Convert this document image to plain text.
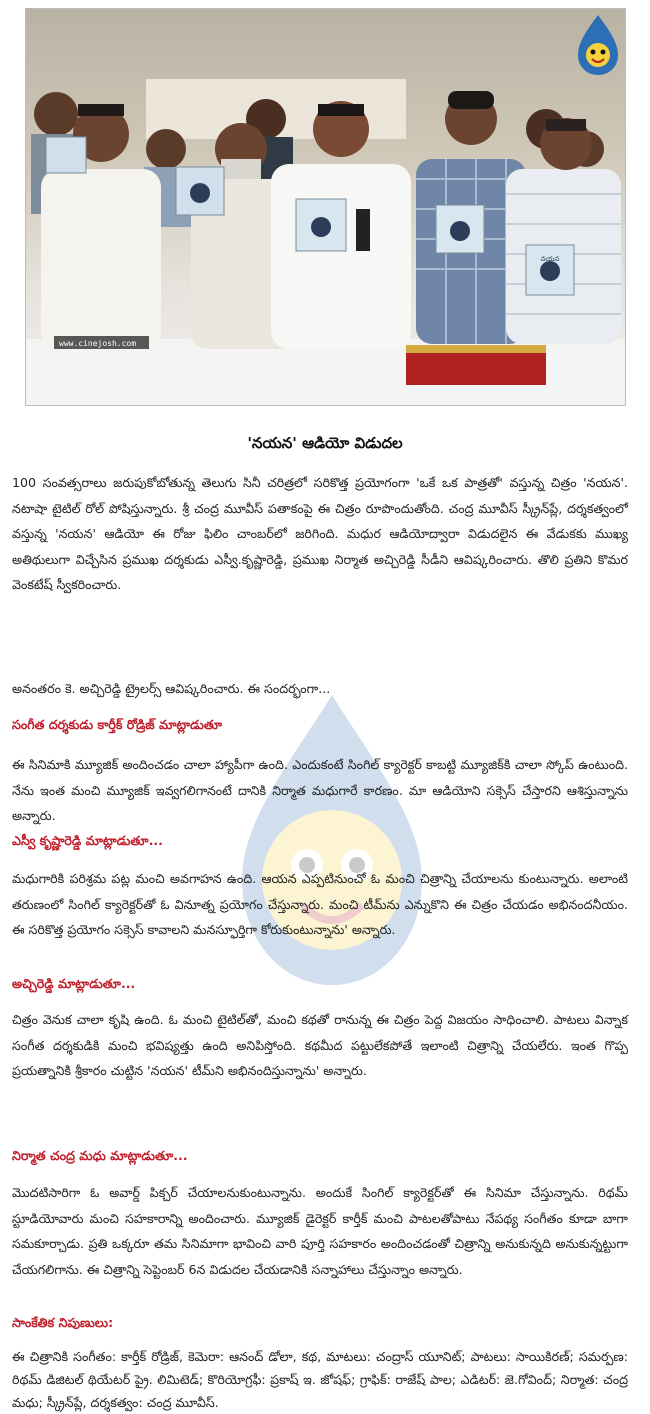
నయన
www.cinejosh.com
'నయన' ఆడియో విడుదల

100 సంవత్సరాలు జరుపుకోబోతున్న తెలుగు సినీ చరిత్రలో సరికొత్త ప్రయోగంగా 'ఒకే ఒక పాత్రతో' వస్తున్న చిత్రం 'నయన'. నటాషా టైటిల్ రోల్ పోషిస్తున్నారు. శ్రీ చంద్ర మూవీస్ పతాకంపై ఈ చిత్రం రూపొందుతోంది. చంద్ర మూవీస్ స్క్రీన్‌ప్లే, దర్శకత్వంలో వస్తున్న 'నయన' ఆడియో ఈ రోజు ఫిలిం చాంబర్‌లో జరిగింది. మధుర ఆడియోద్వారా విడుదలైన ఈ వేడుకకు ముఖ్య అతిథులుగా విచ్చేసిన ప్రముఖ దర్శకుడు ఎస్వీ.కృష్ణారెడ్డి, ప్రముఖ నిర్మాత అచ్చిరెడ్డి సీడీని ఆవిష్కరించారు. తొలి ప్రతిని కొమర వెంకటేష్ స్వీకరించారు.

అనంతరం కె. అచ్చిరెడ్డి ట్రైలర్స్ ఆవిష్కరించారు. ఈ సందర్భంగా...

సంగీత దర్శకుడు కార్తీక్ రోడ్రిజ్ మాట్లాడుతూ

ఈ సినిమాకి మ్యూజిక్ అందించడం చాలా హ్యాపీగా ఉంది. ఎందుకంటే సింగిల్ క్యారెక్టర్ కాబట్టి మ్యూజిక్‌కి చాలా స్కోప్ ఉంటుంది. నేను ఇంత మంచి మ్యూజిక్ ఇవ్వగలిగానంటే దానికి నిర్మాత మధుగారే కారణం. మా ఆడియోని సక్సెస్ చేస్తారని ఆశిస్తున్నాను అన్నారు.

ఎస్వీ కృష్ణారెడ్డి మాట్లాడుతూ...

మధుగారికి పరిశ్రమ పట్ల మంచి అవగాహన ఉంది. ఆయన ఎప్పటినుంచో ఓ మంచి చిత్రాన్ని చేయాలను కుంటున్నారు. అలాంటి తరుణంలో సింగిల్ క్యారెక్టర్‌తో ఓ వినూత్న ప్రయోగం చేస్తున్నారు. మంచి టీమ్‌ను ఎన్నుకొని ఈ చిత్రం చేయడం అభినందనీయం. ఈ సరికొత్త ప్రయోగం సక్సెస్ కావాలని మనస్ఫూర్తిగా కోరుకుంటున్నాను' అన్నారు.

అచ్చిరెడ్డి మాట్లాడుతూ...

చిత్రం వెనుక చాలా కృషి ఉంది. ఓ మంచి టైటిల్‌తో, మంచి కథతో రానున్న ఈ చిత్రం పెద్ద విజయం సాధించాలి. పాటలు విన్నాక సంగీత దర్శకుడికి మంచి భవిష్యత్తు ఉంది అనిపిస్తోంది. కథమీద పట్టులేకపోతే ఇలాంటి చిత్రాన్ని చేయలేరు. ఇంత గొప్ప ప్రయత్నానికి శ్రీకారం చుట్టిన 'నయన' టీమ్‌ని అభినందిస్తున్నాను' అన్నారు.

నిర్మాత చంద్ర మధు మాట్లాడుతూ...

మొదటిసారిగా ఓ అవార్డ్ పిక్చర్ చేయాలనుకుంటున్నాను. అందుకే సింగిల్ క్యారెక్టర్‌తో ఈ సినిమా చేస్తున్నాను. రిథమ్ స్టూడియోవారు మంచి సహకారాన్ని అందించారు. మ్యూజిక్ డైరెక్టర్ కార్తీక్ మంచి పాటలతోపాటు నేపథ్య సంగీతం కూడా బాగా సమకూర్చాడు. ప్రతి ఒక్కరూ తమ సినిమాగా భావించి వారి పూర్తి సహకారం అందించడంతో చిత్రాన్ని అనుకున్నది అనుకున్నట్టుగా చేయగలిగాను. ఈ చిత్రాన్ని సెప్టెంబర్ 6న విడుదల చేయడానికి సన్నాహాలు చేస్తున్నాం అన్నారు.

సాంకేతిక నిపుణులు:

ఈ చిత్రానికి సంగీతం: కార్తీక్ రోడ్రిజ్, కెమెరా: ఆనంద్ డోలా, కథ, మాటలు: చంద్రాస్ యూనిట్; పాటలు: సాయికిరణ్; సమర్పణ: రిథమ్ డిజిటల్ థియేటర్ ప్రై. లిమిటెడ్; కొరియోగ్రఫీ: ప్రకాష్ ఇ. జోషఫ్; గ్రాఫిక్: రాజేష్ పాల; ఎడిటర్: జె.గోవింద్; నిర్మాత: చంద్ర మధు; స్క్రీన్‌ప్లే, దర్శకత్వం: చంద్ర మూవీస్.
